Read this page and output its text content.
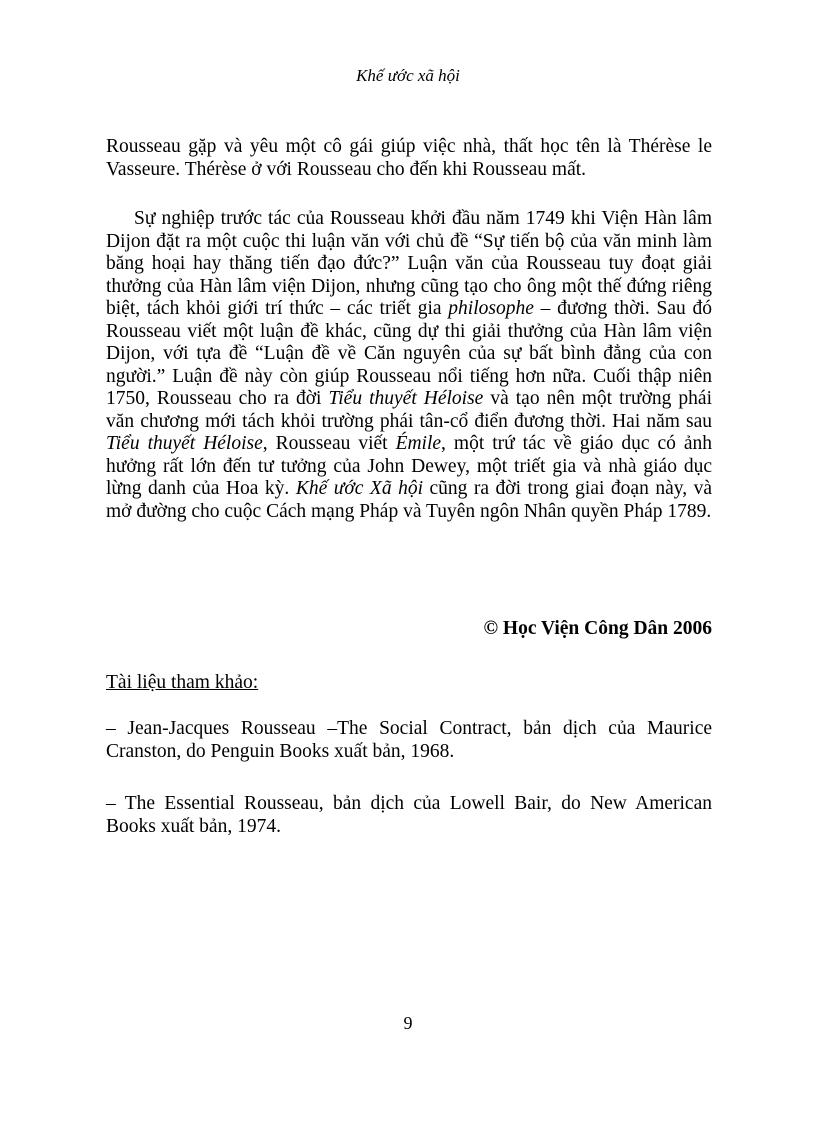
Khế ước xã hội

Rousseau gặp và yêu một cô gái giúp việc nhà, thất học tên là Thérèse le Vasseure. Thérèse ở với Rousseau cho đến khi Rousseau mất.

Sự nghiệp trước tác của Rousseau khởi đầu năm 1749 khi Viện Hàn lâm Dijon đặt ra một cuộc thi luận văn với chủ đề “Sự tiến bộ của văn minh làm băng hoại hay thăng tiến đạo đức?” Luận văn của Rousseau tuy đoạt giải thưởng của Hàn lâm viện Dijon, nhưng cũng tạo cho ông một thế đứng riêng biệt, tách khỏi giới trí thức – các triết gia philosophe – đương thời. Sau đó Rousseau viết một luận đề khác, cũng dự thi giải thưởng của Hàn lâm viện Dijon, với tựa đề “Luận đề về Căn nguyên của sự bất bình đẳng của con người.” Luận đề này còn giúp Rousseau nổi tiếng hơn nữa. Cuối thập niên 1750, Rousseau cho ra đời Tiểu thuyết Héloise và tạo nên một trường phái văn chương mới tách khỏi trường phái tân-cổ điển đương thời. Hai năm sau Tiểu thuyết Héloise, Rousseau viết Émile, một trứ tác về giáo dục có ảnh hưởng rất lớn đến tư tưởng của John Dewey, một triết gia và nhà giáo dục lừng danh của Hoa kỳ. Khế ước Xã hội cũng ra đời trong giai đoạn này, và mở đường cho cuộc Cách mạng Pháp và Tuyên ngôn Nhân quyền Pháp 1789.

© Học Viện Công Dân 2006
Tài liệu tham khảo:

– Jean-Jacques Rousseau –The Social Contract, bản dịch của Maurice Cranston, do Penguin Books xuất bản, 1968.

– The Essential Rousseau, bản dịch của Lowell Bair, do New American Books xuất bản, 1974.

9
